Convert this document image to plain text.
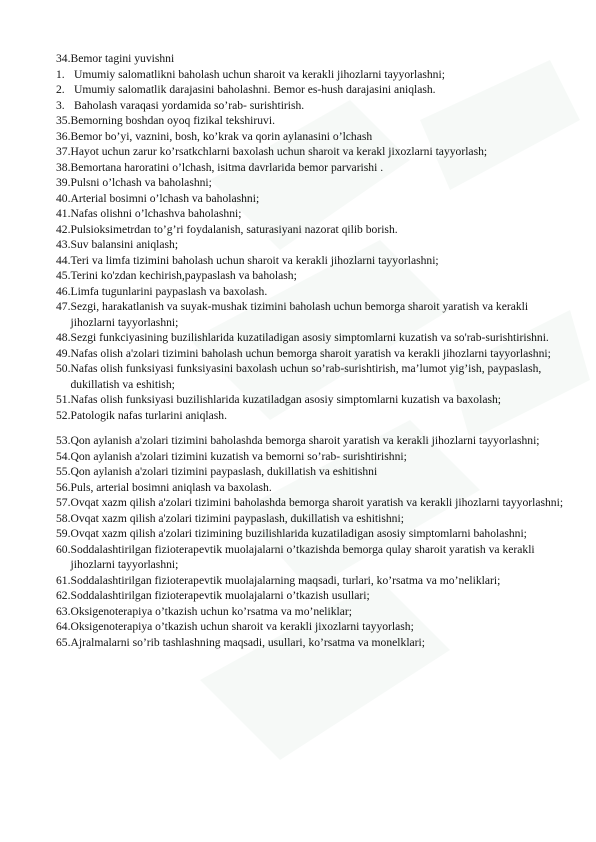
34. Bemor tagini yuvishni
1. Umumiy salomatlikni baholash uchun sharoit va kerakli jihozlarni tayyorlashni;
2. Umumiy salomatlik darajasini baholashni. Bemor es-hush darajasini aniqlash.
3. Baholash varaqasi yordamida so’rab- surishtirish.
35. Bemorning boshdan oyoq fizikal tekshiruvi.
36. Bemor bo’yi, vaznini, bosh, ko’krak va qorin aylanasini o’lchash
37. Hayot uchun zarur ko’rsatkchlarni baxolash uchun sharoit va kerakl jixozlarni tayyorlash;
38. Bemortana haroratini o’lchash, isitma davrlarida bemor parvarishi .
39. Pulsni o’lchash va baholashni;
40. Arterial bosimni o’lchash va baholashni;
41. Nafas olishni o’lchashva baholashni;
42. Pulsioksimetrdan to’g’ri foydalanish, saturasiyani nazorat qilib borish.
43. Suv balansini aniqlash;
44. Teri va limfa tizimini baholash uchun sharoit va kerakli jihozlarni tayyorlashni;
45. Terini ko'zdan kechirish,paypaslash va baholash;
46. Limfa tugunlarini paypaslash va baxolash.
47. Sezgi, harakatlanish va suyak-mushak tizimini baholash uchun bemorga sharoit yaratish va kerakli jihozlarni tayyorlashni;
48. Sezgi funkciyasining buzilishlarida kuzatiladigan asosiy simptomlarni kuzatish va so'rab-surishtirishni.
49. Nafas olish a'zolari tizimini baholash uchun bemorga sharoit yaratish va kerakli jihozlarni tayyorlashni;
50. Nafas olish funksiyasi funksiyasini baxolash uchun so’rab-surishtirish, ma’lumot yig’ish, paypaslash, dukillatish va eshitish;
51. Nafas olish funksiyasi buzilishlarida kuzatiladgan asosiy simptomlarni kuzatish va baxolash;
52. Patologik nafas turlarini aniqlash.
53. Qon aylanish a'zolari tizimini baholashda bemorga sharoit yaratish va kerakli jihozlarni tayyorlashni;
54. Qon aylanish a'zolari tizimini kuzatish va bemorni so’rab- surishtirishni;
55. Qon aylanish a'zolari tizimini paypaslash, dukillatish va eshitishni
56. Puls, arterial bosimni aniqlash va baxolash.
57. Ovqat xazm qilish a'zolari tizimini baholashda bemorga sharoit yaratish va kerakli jihozlarni tayyorlashni;
58. Ovqat xazm qilish a'zolari tizimini paypaslash, dukillatish va eshitishni;
59. Ovqat xazm qilish a'zolari tizimining buzilishlarida kuzatiladigan asosiy simptomlarni baholashni;
60. Soddalashtirilgan fizioterapevtik muolajalarni o’tkazishda bemorga qulay sharoit yaratish va kerakli jihozlarni tayyorlashni;
61. Soddalashtirilgan fizioterapevtik muolajalarning maqsadi, turlari, ko’rsatma va mo’neliklari;
62. Soddalashtirilgan fizioterapevtik muolajalarni o’tkazish usullari;
63. Oksigenoterapiya o’tkazish uchun ko’rsatma va mo’neliklar;
64. Oksigenoterapiya o’tkazish uchun sharoit va kerakli jixozlarni tayyorlash;
65. Ajralmalarni so’rib tashlashning maqsadi, usullari, ko’rsatma va monelklari;
